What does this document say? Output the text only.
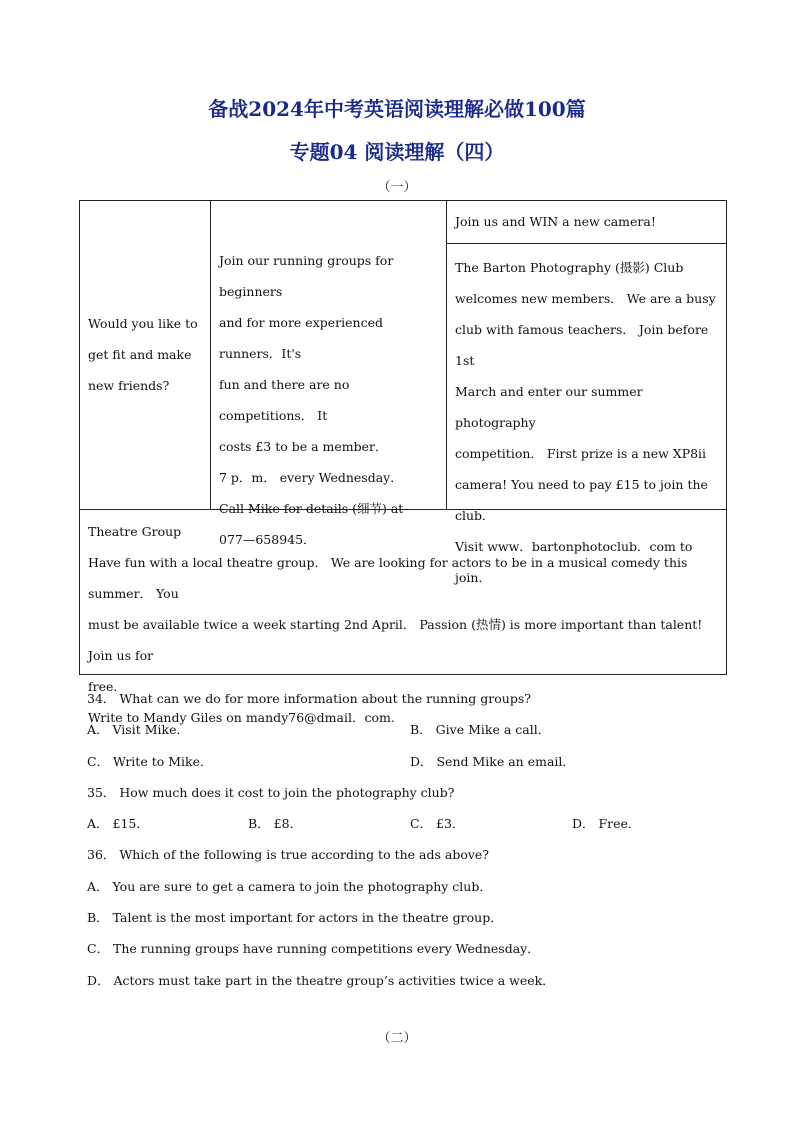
备战2024年中考英语阅读理解必做100篇
专题04 阅读理解（四）
（一）

Would you like to

get fit and make

new friends?

Join our running groups for beginners

and for more experienced runners．It's

fun and there are no competitions． It

costs £3 to be a member．

7 p．m． every Wednesday．

Call Mike for details (细节) at

077—658945．

Join us and WIN a new camera!

The Barton Photography (摄影) Club

welcomes new members． We are a busy

club with famous teachers． Join before 1st

March and enter our summer photography

competition． First prize is a new XP8ii

camera! You need to pay £15 to join the

club．

Visit www．bartonphotoclub．com to join．

Theatre Group

Have fun with a local theatre group． We are looking for actors to be in a musical comedy this summer． You

must be available twice a week starting 2nd April． Passion (热情) is more important than talent! Join us for

free．

Write to Mandy Giles on mandy76@dmail．com.

34． What can we do for more information about the running groups?
A． Visit Mike．	B． Give Mike a call．
C． Write to Mike．	D． Send Mike an email．
35． How much does it cost to join the photography club?
A． £15．	B． £8．	C． £3．	D． Free．
36． Which of the following is true according to the ads above?
A． You are sure to get a camera to join the photography club．
B． Talent is the most important for actors in the theatre group．
C． The running groups have running competitions every Wednesday．
D． Actors must take part in the theatre group’s activities twice a week．
（二）
